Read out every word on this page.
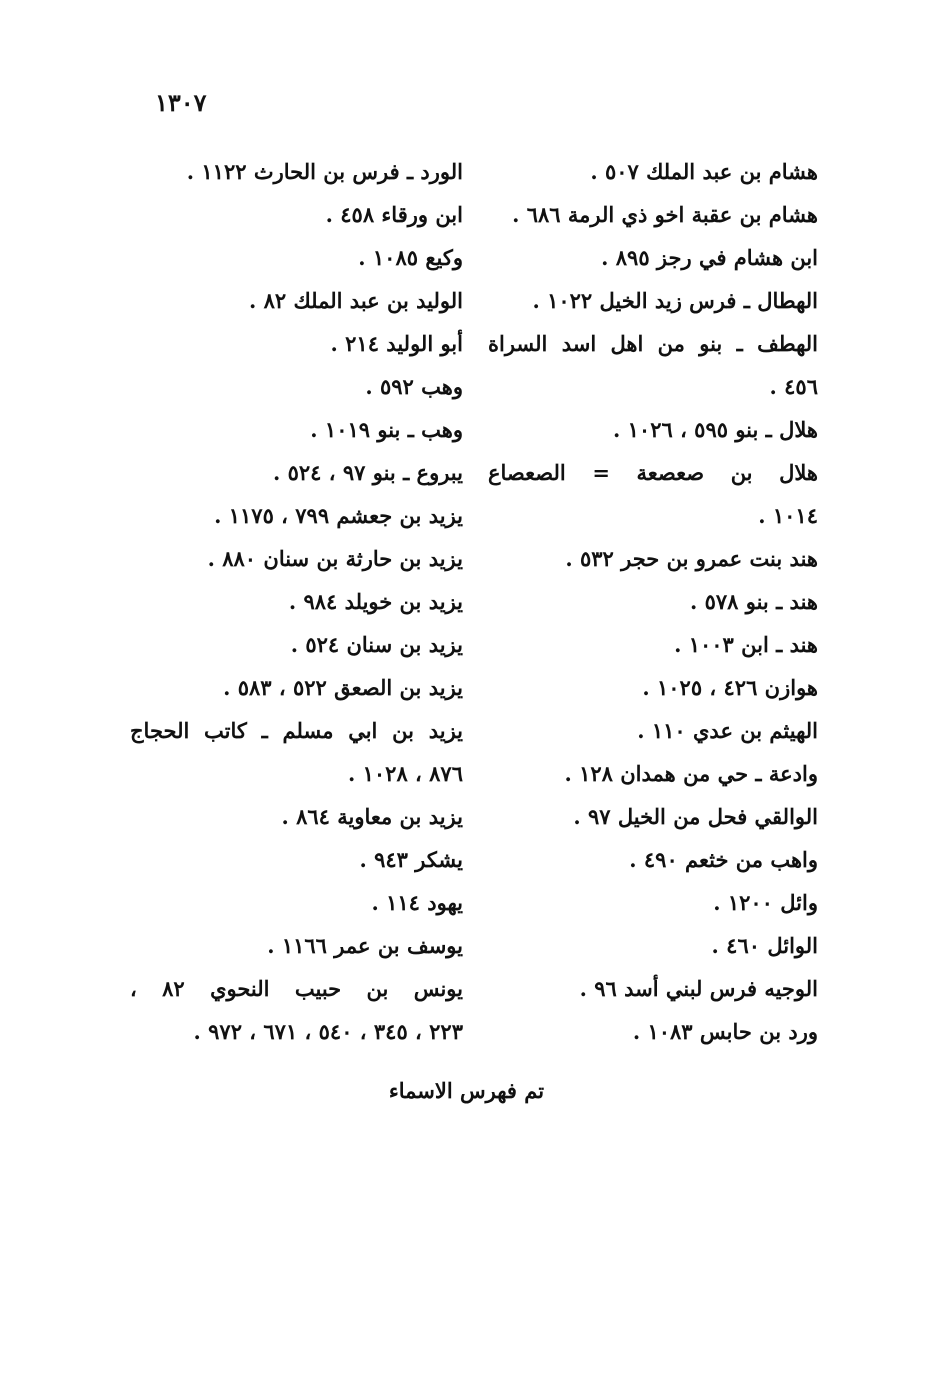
١٣٠٧
هشام بن عبد الملك ٥٠٧ .
هشام بن عقبة اخو ذي الرمة ٦٨٦ .
ابن هشام في رجز ٨٩٥ .
الهطال ـ فرس زيد الخيل ١٠٢٢ .
الهطف ـ بنو من اهل اسد السراة
٤٥٦ .
هلال ـ بنو ٥٩٥ ، ١٠٢٦ .
هلال بن صعصعة = الصعصاع
١٠١٤ .
هند بنت عمرو بن حجر ٥٣٢ .
هند ـ بنو ٥٧٨ .
هند ـ ابن ١٠٠٣ .
هوازن ٤٢٦ ، ١٠٢٥ .
الهيثم بن عدي ١١٠ .
وادعة ـ حي من همدان ١٢٨ .
الوالقي فحل من الخيل ٩٧ .
واهب من خثعم ٤٩٠ .
وائل ١٢٠٠ .
الوائل ٤٦٠ .
الوجيه فرس لبني أسد ٩٦ .
ورد بن حابس ١٠٨٣ .
الورد ـ فرس بن الحارث ١١٢٢ .
ابن ورقاء ٤٥٨ .
وكيع ١٠٨٥ .
الوليد بن عبد الملك ٨٢ .
أبو الوليد ٢١٤ .
وهب ٥٩٢ .
وهب ـ بنو ١٠١٩ .
يبروع ـ بنو ٩٧ ، ٥٢٤ .
يزيد بن جعشم ٧٩٩ ، ١١٧٥ .
يزيد بن حارثة بن سنان ٨٨٠ .
يزيد بن خويلد ٩٨٤ .
يزيد بن سنان ٥٢٤ .
يزيد بن الصعق ٥٢٢ ، ٥٨٣ .
يزيد بن ابي مسلم ـ كاتب الحجاج
٨٧٦ ، ١٠٢٨ .
يزيد بن معاوية ٨٦٤ .
يشكر ٩٤٣ .
يهود ١١٤ .
يوسف بن عمر ١١٦٦ .
يونس بن حبيب النحوي ٨٢ ،
٢٢٣ ، ٣٤٥ ، ٥٤٠ ، ٦٧١ ، ٩٧٢ .
تم فهرس الاسماء
